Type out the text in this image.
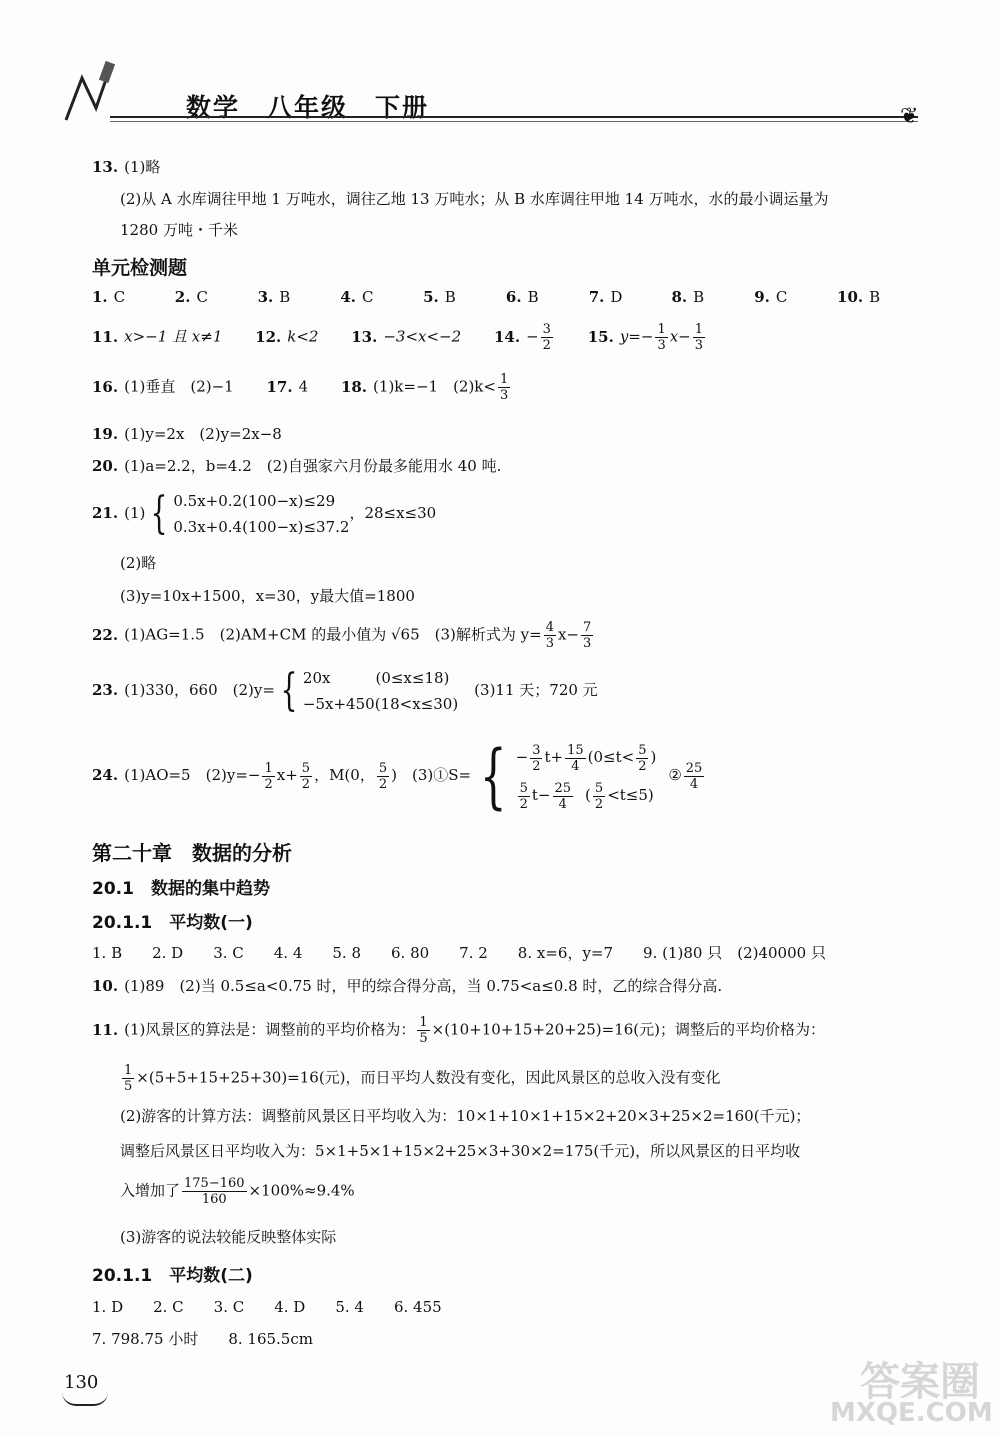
数学　八年级　下册	❦
13. (1)略
(2)从 A 水库调往甲地 1 万吨水，调往乙地 13 万吨水；从 B 水库调往甲地 14 万吨水，水的最小调运量为
1280 万吨・千米
单元检测题
1. C	2. C	3. B	4. C	5. B	6. B	7. D	8. B	9. C	10. B
11. x>−1 且 x≠1 12. k<2 13. −3<x<−2 14. − $\frac{3}{2} 15$. $y=- \frac{1}{3} x- \frac{1}{3}$
16. (1)垂直　(2)−1 17. 4 18. (1)k=−1　$(2)k< \frac{1}{3}$
19. (1)y=2x　(2)y=2x−8
20. (1)a=2.2，b=4.2　(2)自强家六月份最多能用水 40 吨.
21. (1) { 0.5x+0.2(100−x)≤29
0.3x+0.4(100−x)≤37.2
，28≤x≤30
(2)略
(3)y=10x+1500，x=30，y最大值=1800
22. (1)AG=1.5　(2)AM+CM 的最小值为 √65　(3)解析式为 $y= \frac{4}{3} x- \frac{7}{3}$
23. (1)330，660　(2)y= { 20x　　　(0≤x≤18)
−5x+450(18<x≤30)
(3)11 天；720 元
24. (1)AO=5　$(2)y=- \frac{1}{2} x+ \frac{5}{2}$ ，M(0， $\frac{5}{2}$ )　(3)①S= { − $\frac{3}{2} t+ \frac{15}{4} (0\le t< \frac{5}{2}$ )
$\frac{5}{2} t- \frac{25}{4}$ ( $\frac{5}{2} <t\le 5$)
② $\frac{25}{4}$
第二十章　数据的分析
20.1　数据的集中趋势
20.1.1　平均数(一)
1. B　　2. D　　3. C　　4. 4　　5. 8　　6. 80　　7. 2　　8. x=6，y=7　　9. (1)80 只　(2)40000 只
10. (1)89　(2)当 0.5≤a<0.75 时，甲的综合得分高，当 0.75<a≤0.8 时，乙的综合得分高.
11. (1)风景区的算法是：调整前的平均价格为： $\frac{1}{5} \times(10+10+15+20+25)=16$(元)；调整后的平均价格为：
$\frac{1}{5} \times(5+5+15+25+30)=16$(元)，而日平均人数没有变化，因此风景区的总收入没有变化
(2)游客的计算方法：调整前风景区日平均收入为：10×1+10×1+15×2+20×3+25×2=160(千元)；
调整后风景区日平均收入为：5×1+5×1+15×2+25×3+30×2=175(千元)，所以风景区的日平均收
入增加了 $\frac{175-160}{160} \times 100\%\approx 9.4\%$
(3)游客的说法较能反映整体实际
20.1.1　平均数(二)
1. D　　2. C　　3. C　　4. D　　5. 4　　6. 455
7. 798.75 小时　　8. 165.5cm
130	答案圈
MXQE.COM
